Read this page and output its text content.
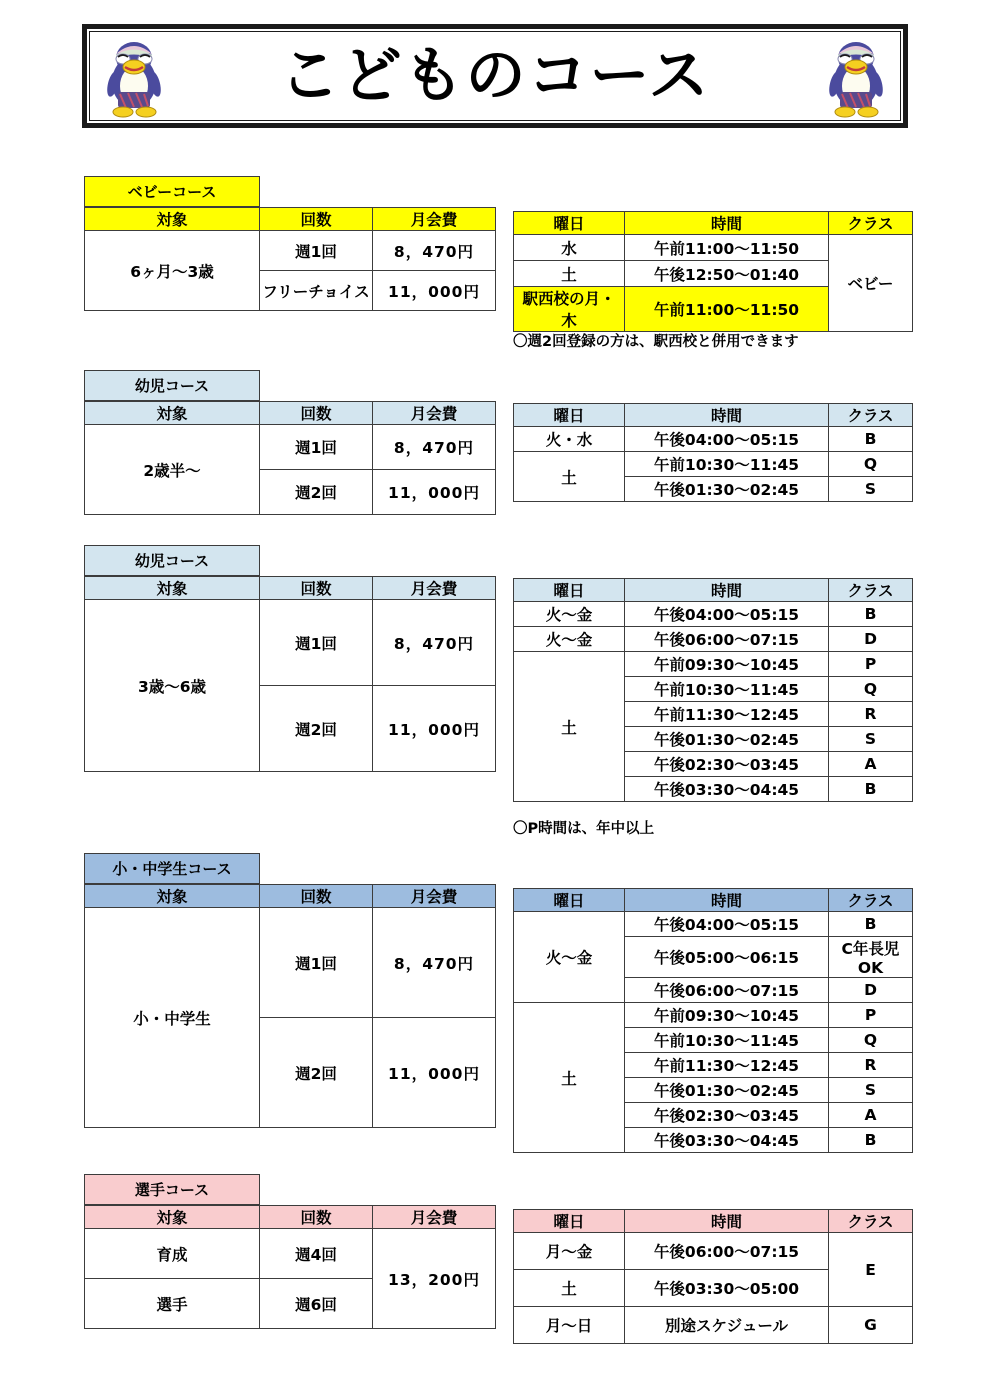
こどものコース
ベビーコース
対象	回数	月会費
6ヶ月～3歳	週1回	8，470円
	フリーチョイス	11，000円
曜日	時間	クラス
水	午前11:00～11:50	ベビー
土	午後12:50～01:40	
駅西校の月・木	午前11:00～11:50	
〇週2回登録の方は、駅西校と併用できます
幼児コース
対象	回数	月会費
2歳半～	週1回	8，470円
	週2回	11，000円
曜日	時間	クラス
火・水	午後04:00～05:15	B
土	午前10:30～11:45	Q
	午後01:30～02:45	S
幼児コース
対象	回数	月会費
3歳～6歳	週1回	8，470円
	週2回	11，000円
曜日	時間	クラス
火～金	午後04:00～05:15	B
火～金	午後06:00～07:15	D
土	午前09:30～10:45	P
	午前10:30～11:45	Q
	午前11:30～12:45	R
	午後01:30～02:45	S
	午後02:30～03:45	A
	午後03:30～04:45	B
〇P時間は、年中以上
小・中学生コース
対象	回数	月会費
小・中学生	週1回	8，470円
	週2回	11，000円
曜日	時間	クラス
火～金	午後04:00～05:15	B
	午後05:00～06:15	C年長児OK
	午後06:00～07:15	D
土	午前09:30～10:45	P
	午前10:30～11:45	Q
	午前11:30～12:45	R
	午後01:30～02:45	S
	午後02:30～03:45	A
	午後03:30～04:45	B
選手コース
対象	回数	月会費
育成	週4回	13，200円
選手	週6回	
曜日	時間	クラス
月～金	午後06:00～07:15	E
土	午後03:30～05:00	
月～日	別途スケジュール	G
